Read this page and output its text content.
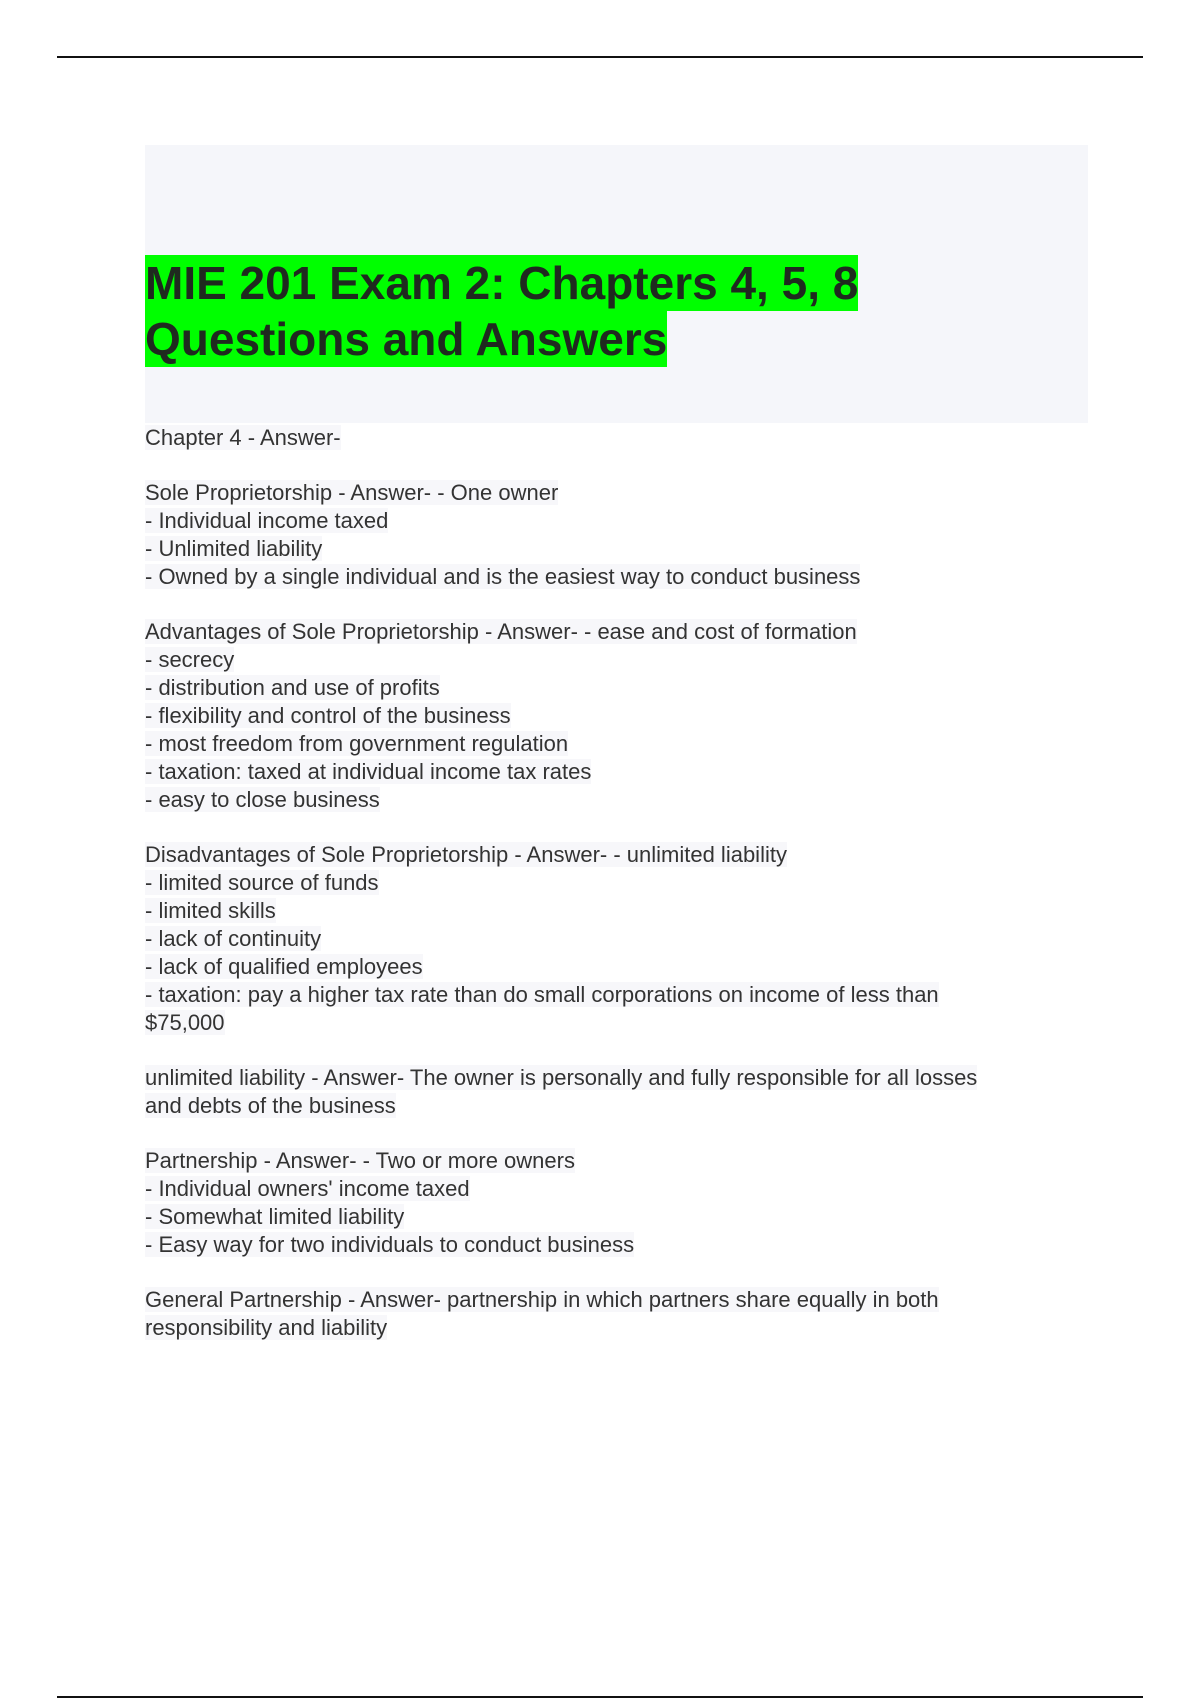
MIE 201 Exam 2: Chapters 4, 5, 8
Questions and Answers
Chapter 4 - Answer-
Sole Proprietorship - Answer- - One owner
- Individual income taxed
- Unlimited liability
- Owned by a single individual and is the easiest way to conduct business
Advantages of Sole Proprietorship - Answer- - ease and cost of formation
- secrecy
- distribution and use of profits
- flexibility and control of the business
- most freedom from government regulation
- taxation: taxed at individual income tax rates
- easy to close business
Disadvantages of Sole Proprietorship - Answer- - unlimited liability
- limited source of funds
- limited skills
- lack of continuity
- lack of qualified employees
- taxation: pay a higher tax rate than do small corporations on income of less than
$75,000
unlimited liability - Answer- The owner is personally and fully responsible for all losses
and debts of the business
Partnership - Answer- - Two or more owners
- Individual owners' income taxed
- Somewhat limited liability
- Easy way for two individuals to conduct business
General Partnership - Answer- partnership in which partners share equally in both
responsibility and liability
